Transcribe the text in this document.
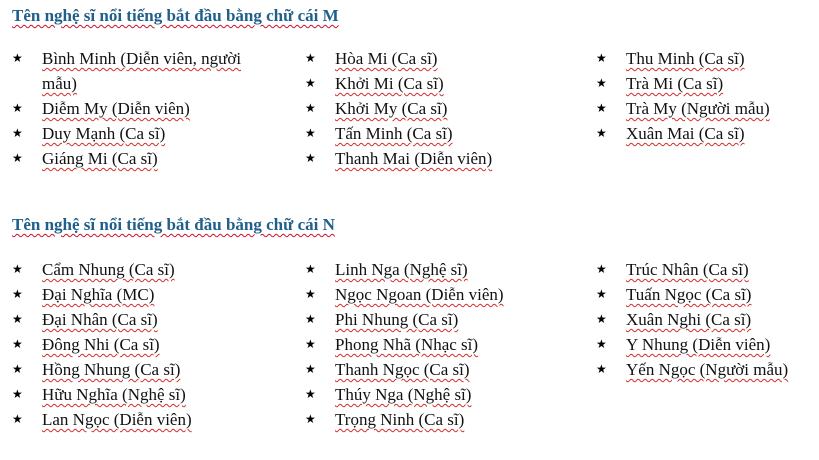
Tên nghệ sĩ nổi tiếng bắt đầu bằng chữ cái M
★ Bình Minh (Diễn viên, người mẫu)
★ Diễm My (Diễn viên)
★ Duy Mạnh (Ca sĩ)
★ Giáng Mi (Ca sĩ)
★ Hòa Mi (Ca sĩ)
★ Khởi Mi (Ca sĩ)
★ Khởi My (Ca sĩ)
★ Tấn Minh (Ca sĩ)
★ Thanh Mai (Diễn viên)
★ Thu Minh (Ca sĩ)
★ Trà Mi (Ca sĩ)
★ Trà My (Người mẫu)
★ Xuân Mai (Ca sĩ)
Tên nghệ sĩ nổi tiếng bắt đầu bằng chữ cái N
★ Cẩm Nhung (Ca sĩ)
★ Đại Nghĩa (MC)
★ Đại Nhân (Ca sĩ)
★ Đông Nhi (Ca sĩ)
★ Hồng Nhung (Ca sĩ)
★ Hữu Nghĩa (Nghệ sĩ)
★ Lan Ngọc (Diễn viên)
★ Linh Nga (Nghệ sĩ)
★ Ngọc Ngoan (Diễn viên)
★ Phi Nhung (Ca sĩ)
★ Phong Nhã (Nhạc sĩ)
★ Thanh Ngọc (Ca sĩ)
★ Thúy Nga (Nghệ sĩ)
★ Trọng Ninh (Ca sĩ)
★ Trúc Nhân (Ca sĩ)
★ Tuấn Ngọc (Ca sĩ)
★ Xuân Nghi (Ca sĩ)
★ Y Nhung (Diễn viên)
★ Yến Ngọc (Người mẫu)
